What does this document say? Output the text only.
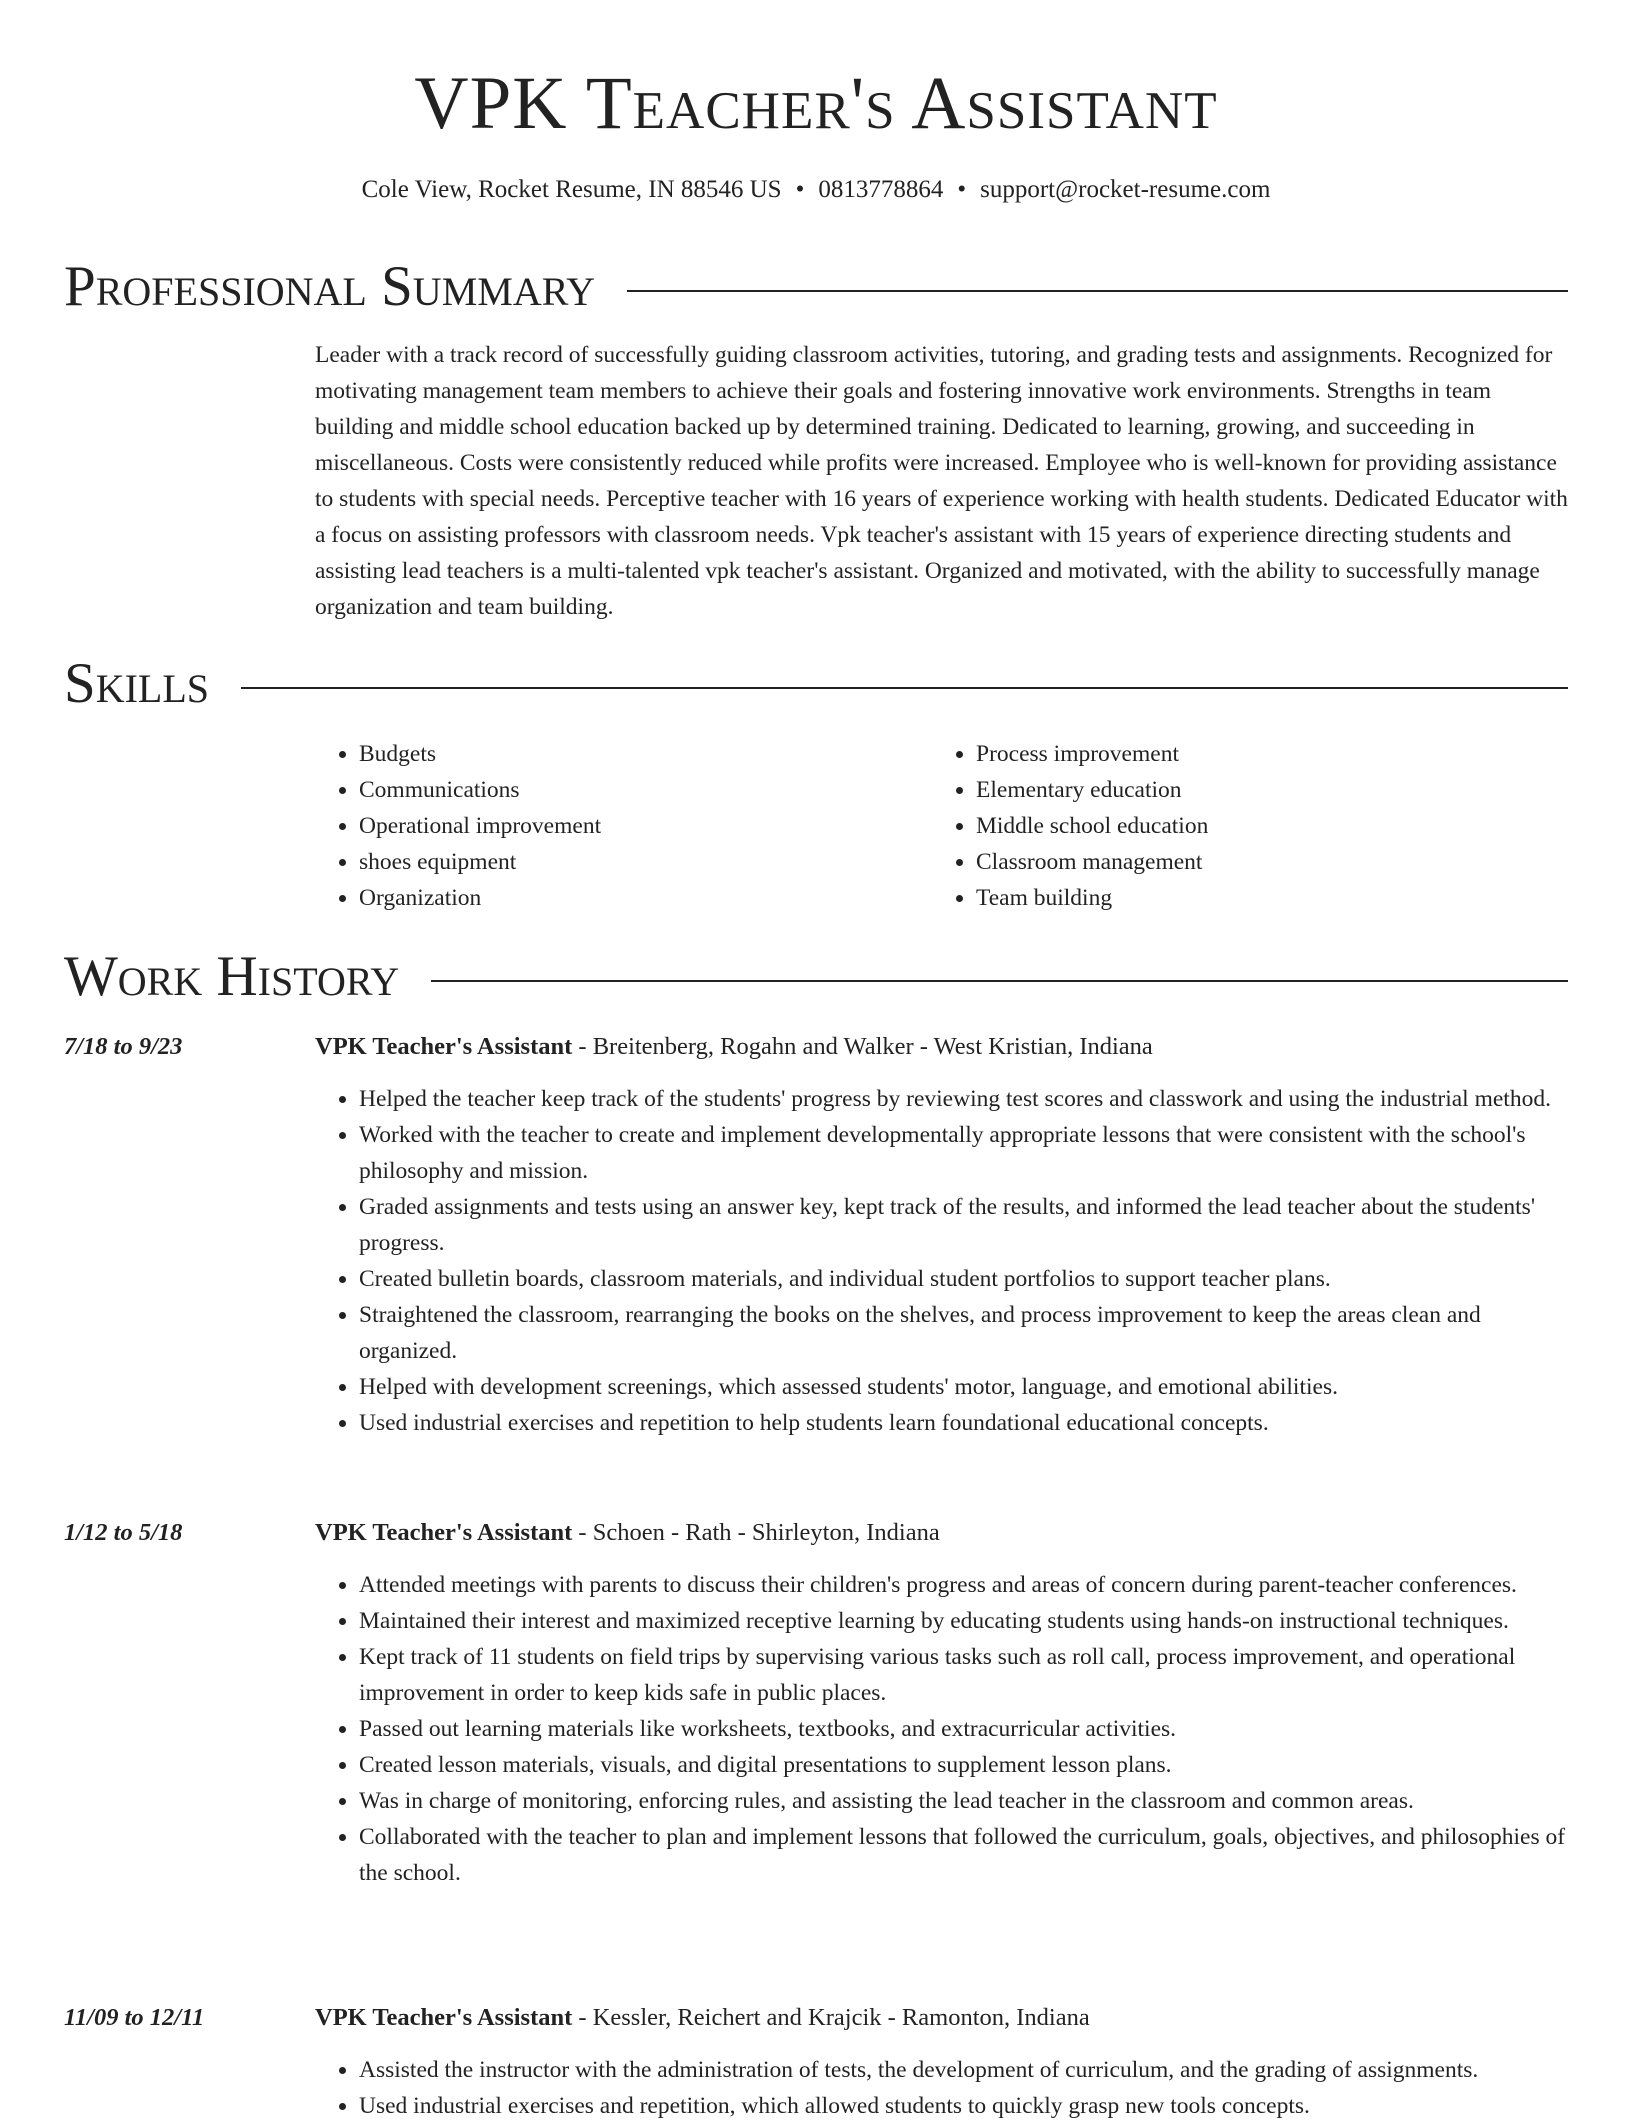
VPK Teacher's Assistant
Cole View, Rocket Resume, IN 88546 US • 0813778864 • support@rocket-resume.com
Professional Summary

Leader with a track record of successfully guiding classroom activities, tutoring, and grading tests and assignments. Recognized for motivating management team members to achieve their goals and fostering innovative work environments. Strengths in team building and middle school education backed up by determined training. Dedicated to learning, growing, and succeeding in miscellaneous. Costs were consistently reduced while profits were increased. Employee who is well-known for providing assistance to students with special needs. Perceptive teacher with 16 years of experience working with health students. Dedicated Educator with a focus on assisting professors with classroom needs. Vpk teacher's assistant with 15 years of experience directing students and assisting lead teachers is a multi-talented vpk teacher's assistant. Organized and motivated, with the ability to successfully manage organization and team building.

Skills
• Budgets
• Communications
• Operational improvement
• shoes equipment
• Organization
• Process improvement
• Elementary education
• Middle school education
• Classroom management
• Team building
Work History
7/18 to 9/23	VPK Teacher's Assistant - Breitenberg, Rogahn and Walker - West Kristian, Indiana
• Helped the teacher keep track of the students' progress by reviewing test scores and classwork and using the industrial method.
• Worked with the teacher to create and implement developmentally appropriate lessons that were consistent with the school's philosophy and mission.
• Graded assignments and tests using an answer key, kept track of the results, and informed the lead teacher about the students' progress.
• Created bulletin boards, classroom materials, and individual student portfolios to support teacher plans.
• Straightened the classroom, rearranging the books on the shelves, and process improvement to keep the areas clean and organized.
• Helped with development screenings, which assessed students' motor, language, and emotional abilities.
• Used industrial exercises and repetition to help students learn foundational educational concepts.
1/12 to 5/18	VPK Teacher's Assistant - Schoen - Rath - Shirleyton, Indiana
• Attended meetings with parents to discuss their children's progress and areas of concern during parent-teacher conferences.
• Maintained their interest and maximized receptive learning by educating students using hands-on instructional techniques.
• Kept track of 11 students on field trips by supervising various tasks such as roll call, process improvement, and operational improvement in order to keep kids safe in public places.
• Passed out learning materials like worksheets, textbooks, and extracurricular activities.
• Created lesson materials, visuals, and digital presentations to supplement lesson plans.
• Was in charge of monitoring, enforcing rules, and assisting the lead teacher in the classroom and common areas.
• Collaborated with the teacher to plan and implement lessons that followed the curriculum, goals, objectives, and philosophies of the school.
11/09 to 12/11	VPK Teacher's Assistant - Kessler, Reichert and Krajcik - Ramonton, Indiana
• Assisted the instructor with the administration of tests, the development of curriculum, and the grading of assignments.
• Used industrial exercises and repetition, which allowed students to quickly grasp new tools concepts.
